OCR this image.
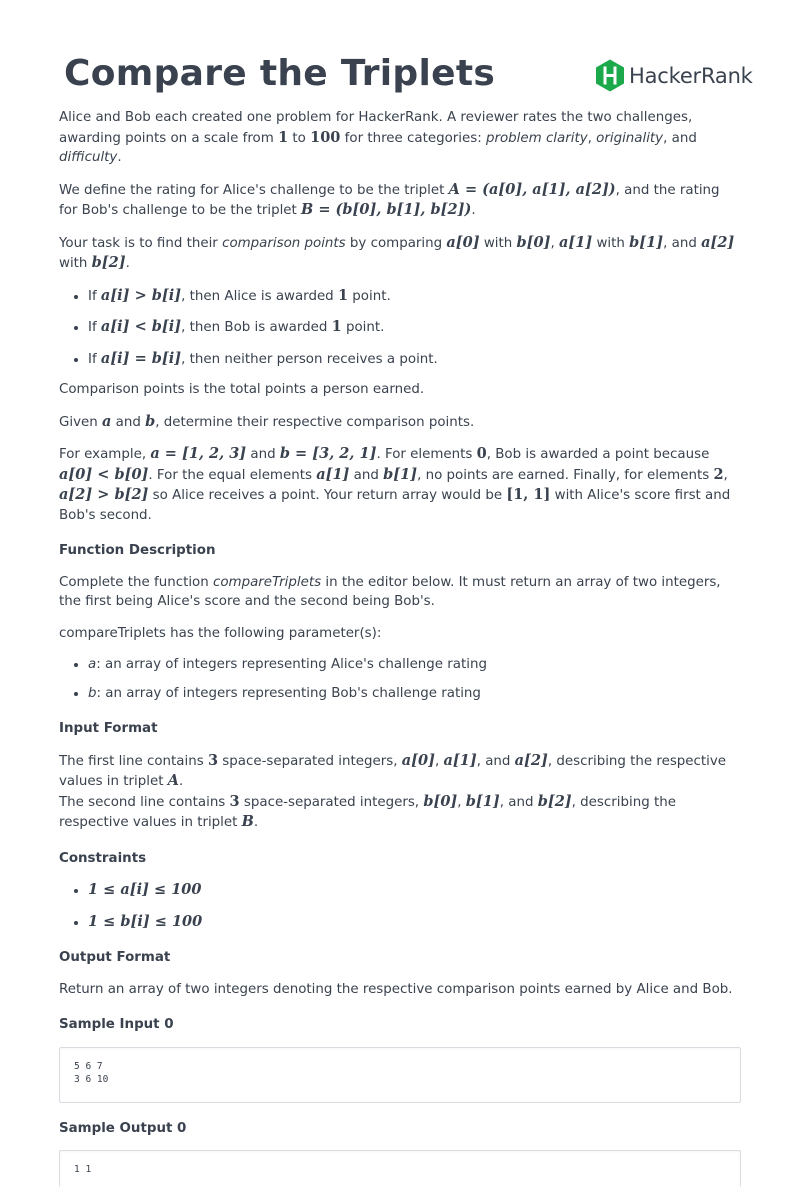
Compare the Triplets	HackerRank

Alice and Bob each created one problem for HackerRank. A reviewer rates the two challenges, awarding points on a scale from 1 to 100 for three categories: problem clarity, originality, and difficulty.

We define the rating for Alice's challenge to be the triplet A = (a[0], a[1], a[2]), and the rating for Bob's challenge to be the triplet B = (b[0], b[1], b[2]).

Your task is to find their comparison points by comparing a[0] with b[0], a[1] with b[1], and a[2] with b[2].

• If a[i] > b[i], then Alice is awarded 1 point.
• If a[i] < b[i], then Bob is awarded 1 point.
• If a[i] = b[i], then neither person receives a point.

Comparison points is the total points a person earned.

Given a and b, determine their respective comparison points.

For example, a = [1, 2, 3] and b = [3, 2, 1]. For elements 0, Bob is awarded a point because a[0] < b[0]. For the equal elements a[1] and b[1], no points are earned. Finally, for elements 2, a[2] > b[2] so Alice receives a point. Your return array would be [1, 1] with Alice's score first and Bob's second.

Function Description

Complete the function compareTriplets in the editor below. It must return an array of two integers, the first being Alice's score and the second being Bob's.

compareTriplets has the following parameter(s):

• a: an array of integers representing Alice's challenge rating
• b: an array of integers representing Bob's challenge rating
Input Format

The first line contains 3 space-separated integers, a[0], a[1], and a[2], describing the respective values in triplet A.
The second line contains 3 space-separated integers, b[0], b[1], and b[2], describing the respective values in triplet B.

Constraints
• 1 ≤ a[i] ≤ 100
• 1 ≤ b[i] ≤ 100
Output Format

Return an array of two integers denoting the respective comparison points earned by Alice and Bob.

Sample Input 0
5 6 7
3 6 10
Sample Output 0
1 1
